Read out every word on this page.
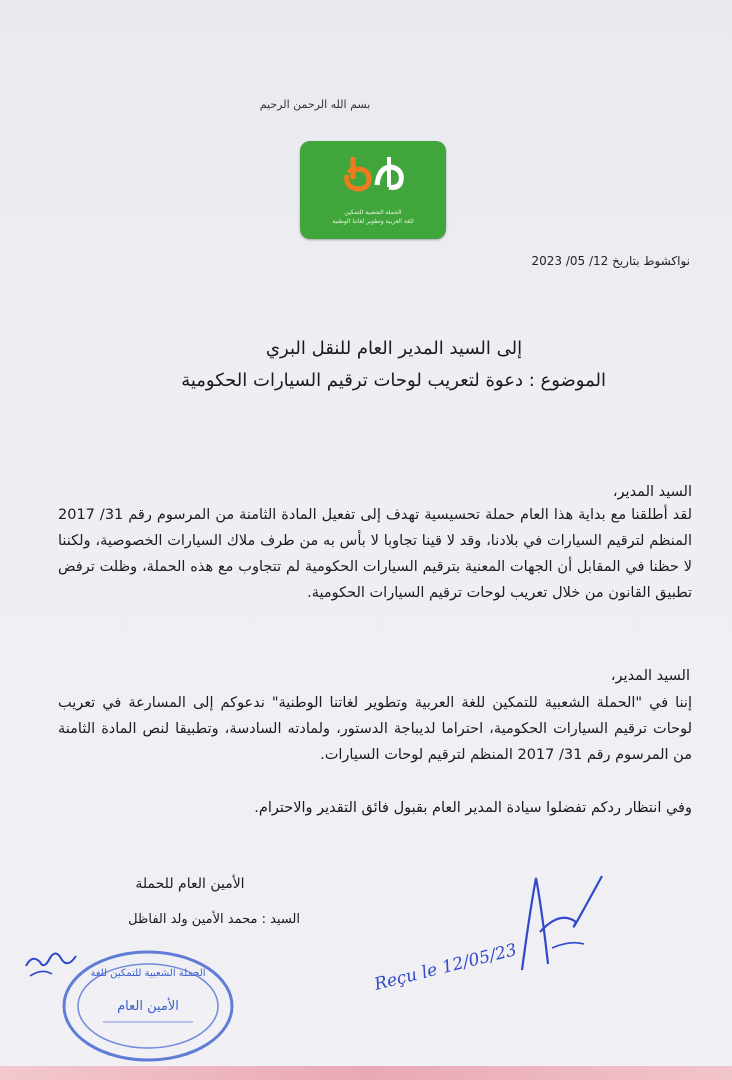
بسم الله الرحمن الرحيم
الحملة الشعبية للتمكين
للغة العربية وتطوير لغاتنا الوطنية
نواكشوط بتاريخ 12/ 05/ 2023
إلى السيد المدير العام للنقل البري
الموضوع : دعوة لتعريب لوحات ترقيم السيارات الحكومية
السيد المدير،
لقد أطلقنا مع بداية هذا العام حملة تحسيسية تهدف إلى تفعيل المادة الثامنة من المرسوم رقم 31/ 2017 المنظم لترقيم السيارات في بلادنا، وقد لا قينا تجاوبا لا بأس به من طرف ملاك السيارات الخصوصية، ولكننا لا حظنا في المقابل أن الجهات المعنية بترقيم السيارات الحكومية لم تتجاوب مع هذه الحملة، وظلت ترفض تطبيق القانون من خلال تعريب لوحات ترقيم السيارات الحكومية.
السيد المدير،
إننا في "الحملة الشعبية للتمكين للغة العربية وتطوير لغاتنا الوطنية" ندعوكم إلى المسارعة في تعريب لوحات ترقيم السيارات الحكومية، احتراما لديباجة الدستور، ولمادته السادسة، وتطبيقا لنص المادة الثامنة من المرسوم رقم 31/ 2017 المنظم لترقيم لوحات السيارات.
وفي انتظار ردكم تفضلوا سيادة المدير العام بقبول فائق التقدير والاحترام.
الأمين العام للحملة
السيد : محمد الأمين ولد الفاظل
الحملة الشعبية للتمكين للغة
الأمين العام
Reçu le 12/05/23
